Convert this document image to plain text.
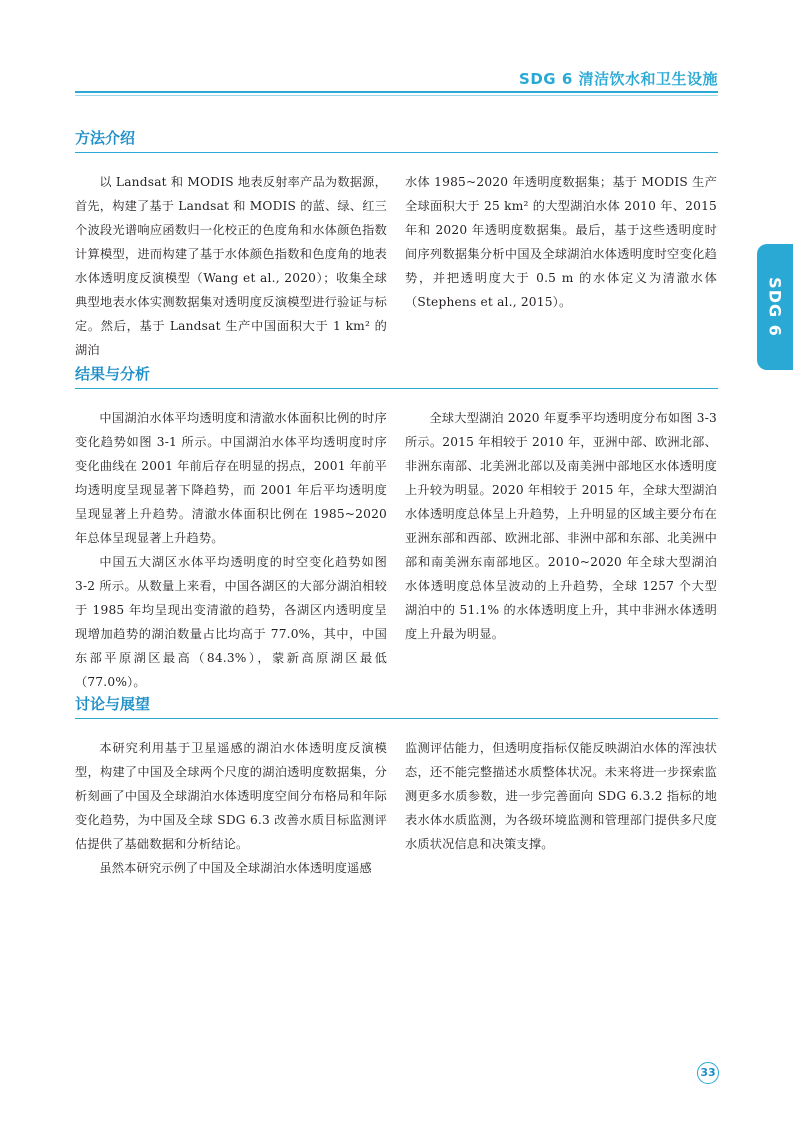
SDG 6 清洁饮水和卫生设施
SDG 6
方法介绍

以 Landsat 和 MODIS 地表反射率产品为数据源，首先，构建了基于 Landsat 和 MODIS 的蓝、绿、红三个波段光谱响应函数归一化校正的色度角和水体颜色指数计算模型，进而构建了基于水体颜色指数和色度角的地表水体透明度反演模型（Wang et al., 2020）；收集全球典型地表水体实测数据集对透明度反演模型进行验证与标定。然后，基于 Landsat 生产中国面积大于 1 km² 的湖泊

水体 1985~2020 年透明度数据集；基于 MODIS 生产全球面积大于 25 km² 的大型湖泊水体 2010 年、2015 年和 2020 年透明度数据集。最后，基于这些透明度时间序列数据集分析中国及全球湖泊水体透明度时空变化趋势，并把透明度大于 0.5 m 的水体定义为清澈水体（Stephens et al., 2015）。

结果与分析

中国湖泊水体平均透明度和清澈水体面积比例的时序变化趋势如图 3-1 所示。中国湖泊水体平均透明度时序变化曲线在 2001 年前后存在明显的拐点，2001 年前平均透明度呈现显著下降趋势，而 2001 年后平均透明度呈现显著上升趋势。清澈水体面积比例在 1985~2020 年总体呈现显著上升趋势。

中国五大湖区水体平均透明度的时空变化趋势如图 3-2 所示。从数量上来看，中国各湖区的大部分湖泊相较于 1985 年均呈现出变清澈的趋势，各湖区内透明度呈现增加趋势的湖泊数量占比均高于 77.0%，其中，中国东部平原湖区最高（84.3%），蒙新高原湖区最低（77.0%）。

全球大型湖泊 2020 年夏季平均透明度分布如图 3-3 所示。2015 年相较于 2010 年，亚洲中部、欧洲北部、非洲东南部、北美洲北部以及南美洲中部地区水体透明度上升较为明显。2020 年相较于 2015 年，全球大型湖泊水体透明度总体呈上升趋势，上升明显的区域主要分布在亚洲东部和西部、欧洲北部、非洲中部和东部、北美洲中部和南美洲东南部地区。2010~2020 年全球大型湖泊水体透明度总体呈波动的上升趋势，全球 1257 个大型湖泊中的 51.1% 的水体透明度上升，其中非洲水体透明度上升最为明显。

讨论与展望

本研究利用基于卫星遥感的湖泊水体透明度反演模型，构建了中国及全球两个尺度的湖泊透明度数据集，分析刻画了中国及全球湖泊水体透明度空间分布格局和年际变化趋势，为中国及全球 SDG 6.3 改善水质目标监测评估提供了基础数据和分析结论。

虽然本研究示例了中国及全球湖泊水体透明度遥感

监测评估能力，但透明度指标仅能反映湖泊水体的浑浊状态，还不能完整描述水质整体状况。未来将进一步探索监测更多水质参数，进一步完善面向 SDG 6.3.2 指标的地表水体水质监测，为各级环境监测和管理部门提供多尺度水质状况信息和决策支撑。

33
